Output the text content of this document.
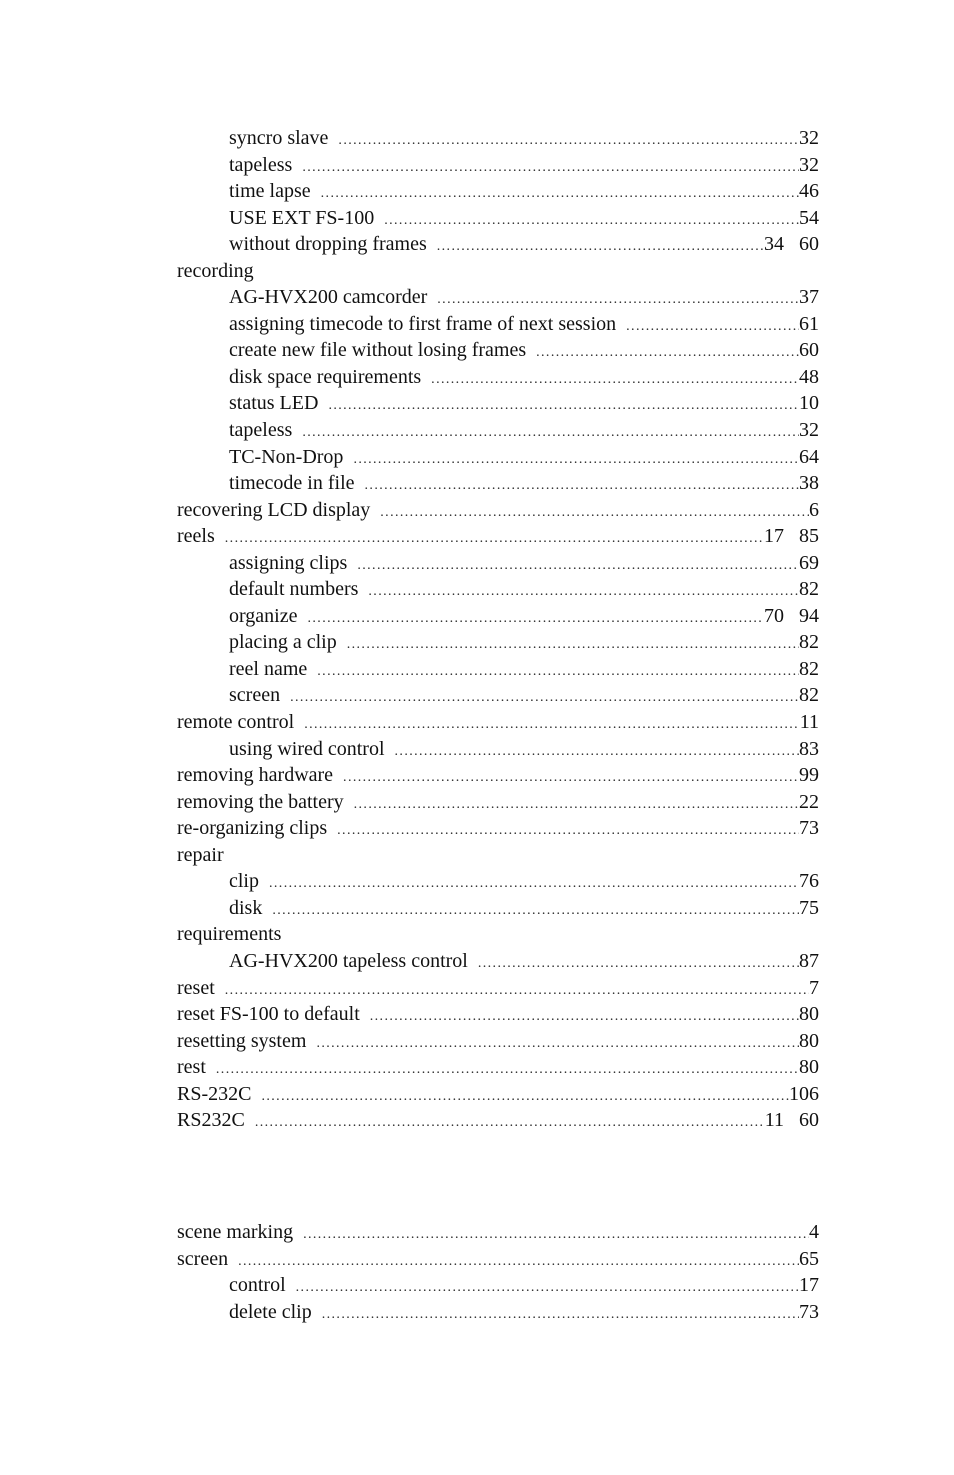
syncro slave .....	32
tapeless .....	32
time lapse .....	46
USE EXT FS-100 .....	54
without dropping frames .....	34   60
recording
AG-HVX200 camcorder .....	37
assigning timecode to first frame of next session .....	61
create new file without losing frames .....	60
disk space requirements .....	48
status LED .....	10
tapeless .....	32
TC-Non-Drop .....	64
timecode in file .....	38
recovering LCD display .....	6
reels .....	17   85
assigning clips .....	69
default numbers .....	82
organize .....	70   94
placing a clip .....	82
reel name .....	82
screen .....	82
remote control .....	11
using wired control .....	83
removing hardware .....	99
removing the battery .....	22
re-organizing clips .....	73
repair
clip .....	76
disk .....	75
requirements
AG-HVX200 tapeless control .....	87
reset .....	7
reset FS-100 to default .....	80
resetting system .....	80
rest .....	80
RS-232C .....	106
RS232C .....	11   60
scene marking .....	4
screen .....	65
control .....	17
delete clip .....	73
